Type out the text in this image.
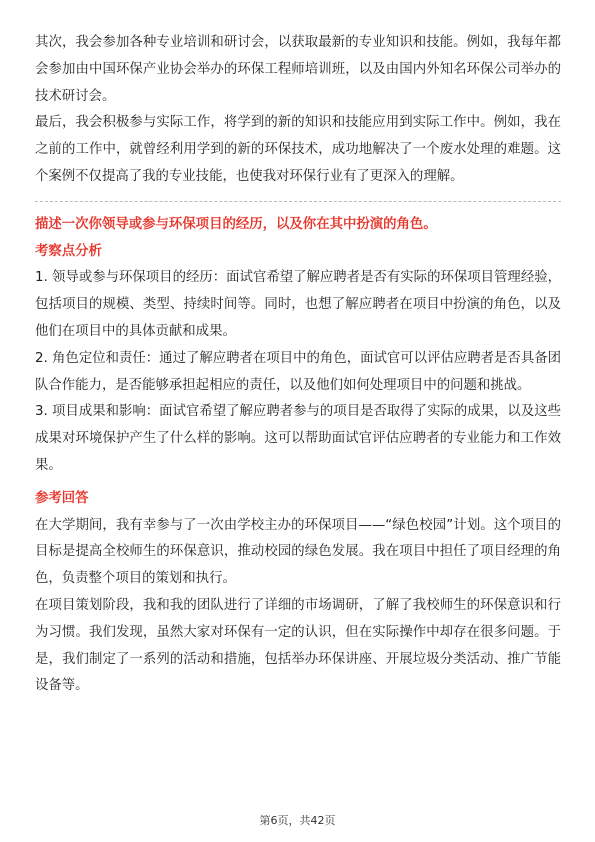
其次，我会参加各种专业培训和研讨会，以获取最新的专业知识和技能。例如，我每年都会参加由中国环保产业协会举办的环保工程师培训班，以及由国内外知名环保公司举办的技术研讨会。

最后，我会积极参与实际工作，将学到的新的知识和技能应用到实际工作中。例如，我在之前的工作中，就曾经利用学到的新的环保技术，成功地解决了一个废水处理的难题。这个案例不仅提高了我的专业技能，也使我对环保行业有了更深入的理解。

描述一次你领导或参与环保项目的经历，以及你在其中扮演的角色。
考察点分析

1. 领导或参与环保项目的经历：面试官希望了解应聘者是否有实际的环保项目管理经验，包括项目的规模、类型、持续时间等。同时，也想了解应聘者在项目中扮演的角色，以及他们在项目中的具体贡献和成果。

2. 角色定位和责任：通过了解应聘者在项目中的角色，面试官可以评估应聘者是否具备团队合作能力，是否能够承担起相应的责任，以及他们如何处理项目中的问题和挑战。

3. 项目成果和影响：面试官希望了解应聘者参与的项目是否取得了实际的成果，以及这些成果对环境保护产生了什么样的影响。这可以帮助面试官评估应聘者的专业能力和工作效果。

参考回答

在大学期间，我有幸参与了一次由学校主办的环保项目——“绿色校园”计划。这个项目的目标是提高全校师生的环保意识，推动校园的绿色发展。我在项目中担任了项目经理的角色，负责整个项目的策划和执行。

在项目策划阶段，我和我的团队进行了详细的市场调研，了解了我校师生的环保意识和行为习惯。我们发现，虽然大家对环保有一定的认识，但在实际操作中却存在很多问题。于是，我们制定了一系列的活动和措施，包括举办环保讲座、开展垃圾分类活动、推广节能设备等。

第6页，共42页
